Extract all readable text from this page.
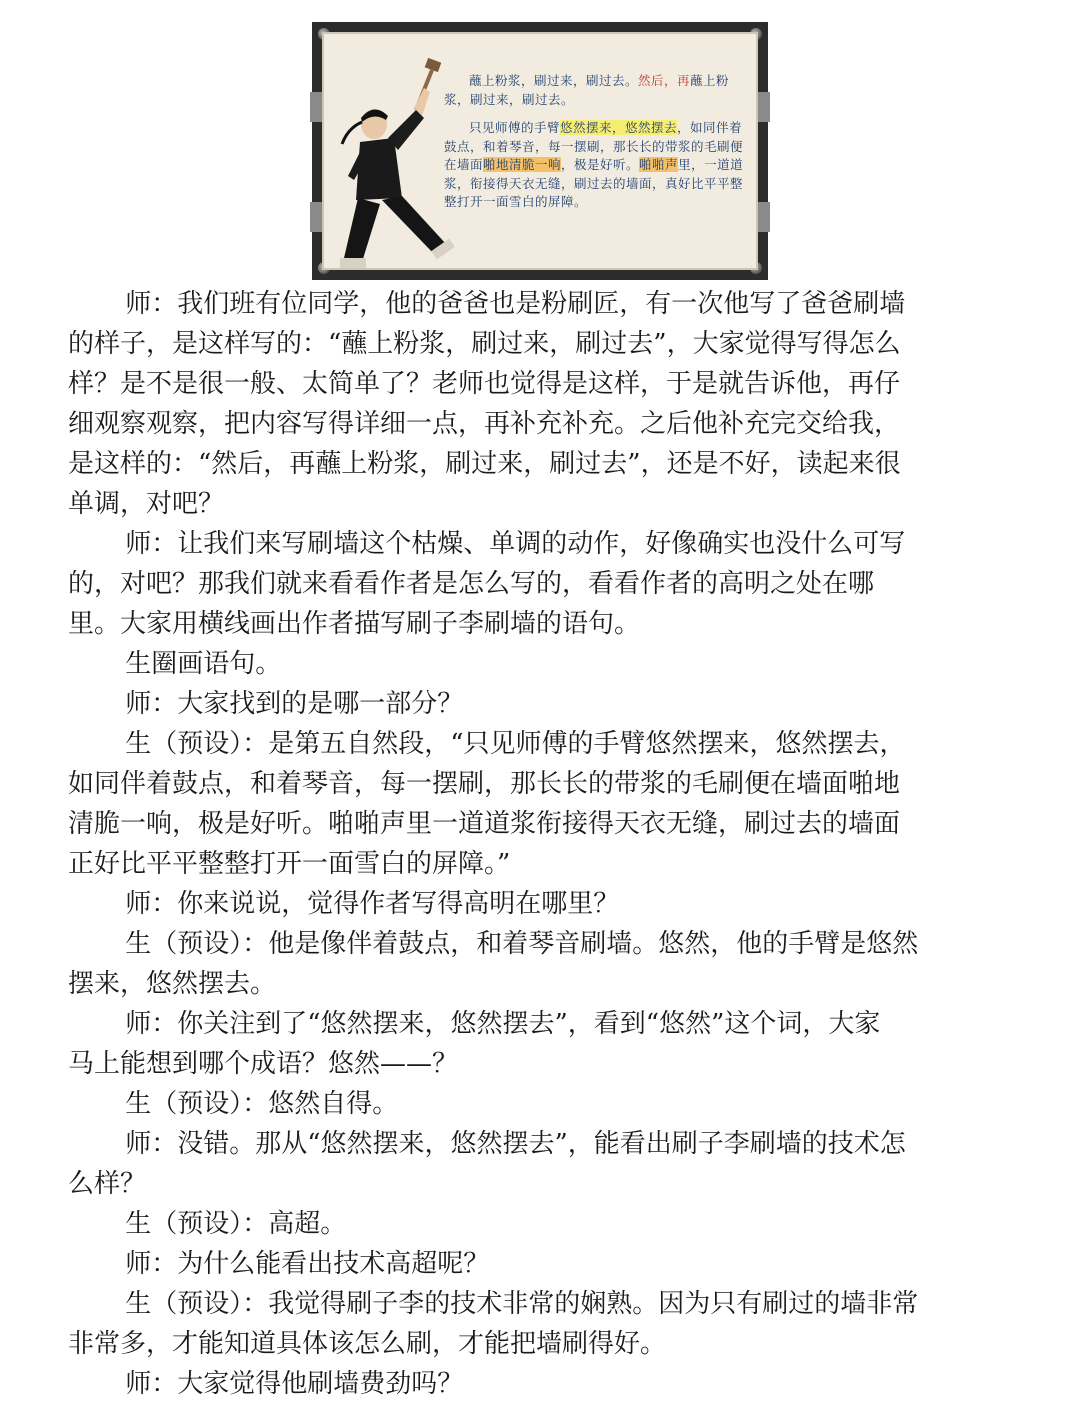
蘸上粉浆，刷过来，刷过去。然后，再蘸上粉浆，刷过来，刷过去。

只见师傅的手臂悠然摆来，悠然摆去，如同伴着鼓点，和着琴音，每一摆刷，那长长的带浆的毛刷便在墙面啪地清脆一响，极是好听。啪啪声里，一道道浆，衔接得天衣无缝，刷过去的墙面，真好比平平整整打开一面雪白的屏障。

师：我们班有位同学，他的爸爸也是粉刷匠，有一次他写了爸爸刷墙

的样子，是这样写的：“蘸上粉浆，刷过来，刷过去”，大家觉得写得怎么

样？是不是很一般、太简单了？老师也觉得是这样，于是就告诉他，再仔

细观察观察，把内容写得详细一点，再补充补充。之后他补充完交给我，

是这样的：“然后，再蘸上粉浆，刷过来，刷过去”，还是不好，读起来很

单调，对吧？

师：让我们来写刷墙这个枯燥、单调的动作，好像确实也没什么可写

的，对吧？那我们就来看看作者是怎么写的，看看作者的高明之处在哪

里。大家用横线画出作者描写刷子李刷墙的语句。

生圈画语句。

师：大家找到的是哪一部分？

生（预设）：是第五自然段，“只见师傅的手臂悠然摆来，悠然摆去，

如同伴着鼓点，和着琴音，每一摆刷，那长长的带浆的毛刷便在墙面啪地

清脆一响，极是好听。啪啪声里一道道浆衔接得天衣无缝，刷过去的墙面

正好比平平整整打开一面雪白的屏障。”

师：你来说说，觉得作者写得高明在哪里？

生（预设）：他是像伴着鼓点，和着琴音刷墙。悠然，他的手臂是悠然

摆来，悠然摆去。

师：你关注到了“悠然摆来，悠然摆去”，看到“悠然”这个词，大家

马上能想到哪个成语？悠然——？

生（预设）：悠然自得。

师：没错。那从“悠然摆来，悠然摆去”，能看出刷子李刷墙的技术怎

么样？

生（预设）：高超。

师：为什么能看出技术高超呢？

生（预设）：我觉得刷子李的技术非常的娴熟。因为只有刷过的墙非常

非常多，才能知道具体该怎么刷，才能把墙刷得好。

师：大家觉得他刷墙费劲吗？
